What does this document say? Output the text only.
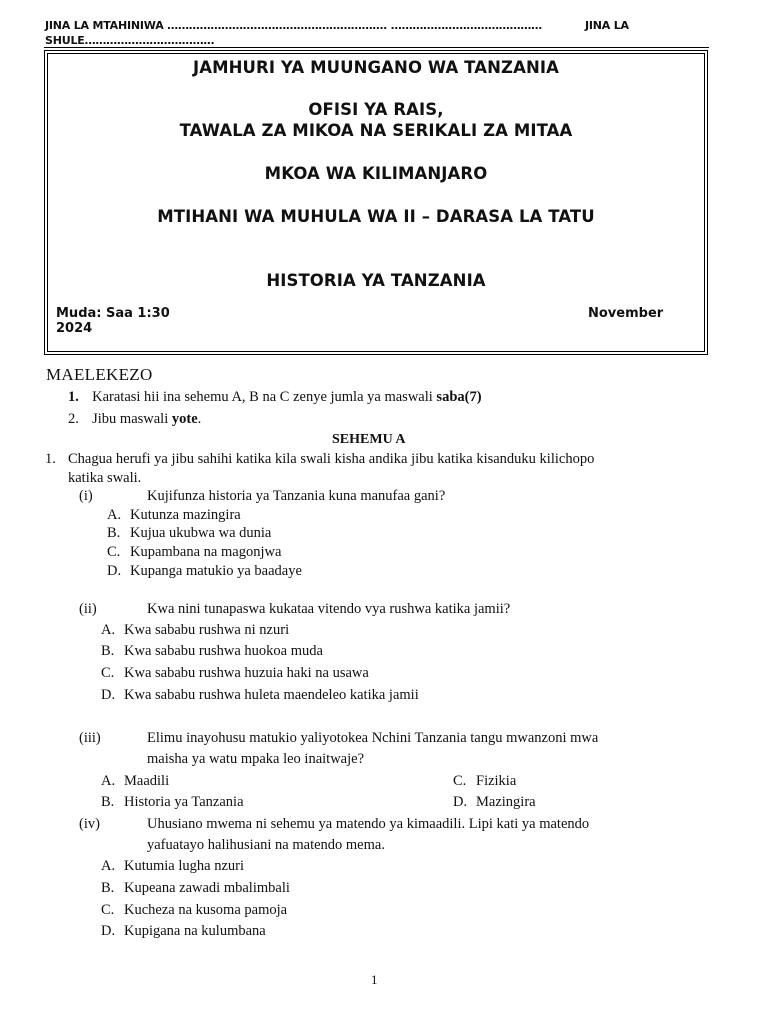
JINA LA MTAHINIWA ……………………………………………………. ……………………………………	JINA LA
SHULE………………………………
JAMHURI YA MUUNGANO WA TANZANIA
OFISI YA RAIS,
TAWALA ZA MIKOA NA SERIKALI ZA MITAA
MKOA WA KILIMANJARO
MTIHANI WA MUHULA WA II – DARASA LA TATU
HISTORIA YA TANZANIA
Muda: Saa 1:30	November
2024
MAELEKEZO
1. Karatasi hii ina sehemu A, B na C zenye jumla ya maswali saba(7)
2. Jibu maswali yote.
SEHEMU A
1. Chagua herufi ya jibu sahihi katika kila swali kisha andika jibu katika kisanduku kilichopo
katika swali.
(i)	Kujifunza historia ya Tanzania kuna manufaa gani?
A. Kutunza mazingira
B. Kujua ukubwa wa dunia
C. Kupambana na magonjwa
D. Kupanga matukio ya baadaye
(ii)	Kwa nini tunapaswa kukataa vitendo vya rushwa katika jamii?
A. Kwa sababu rushwa ni nzuri
B. Kwa sababu rushwa huokoa muda
C. Kwa sababu rushwa huzuia haki na usawa
D. Kwa sababu rushwa huleta maendeleo katika jamii
(iii)	Elimu inayohusu matukio yaliyotokea Nchini Tanzania tangu mwanzoni mwa
maisha ya watu mpaka leo inaitwaje?
A. Maadili	C. Fizikia
B. Historia ya Tanzania	D. Mazingira
(iv)	Uhusiano mwema ni sehemu ya matendo ya kimaadili. Lipi kati ya matendo
yafuatayo halihusiani na matendo mema.
A. Kutumia lugha nzuri
B. Kupeana zawadi mbalimbali
C. Kucheza na kusoma pamoja
D. Kupigana na kulumbana
1
